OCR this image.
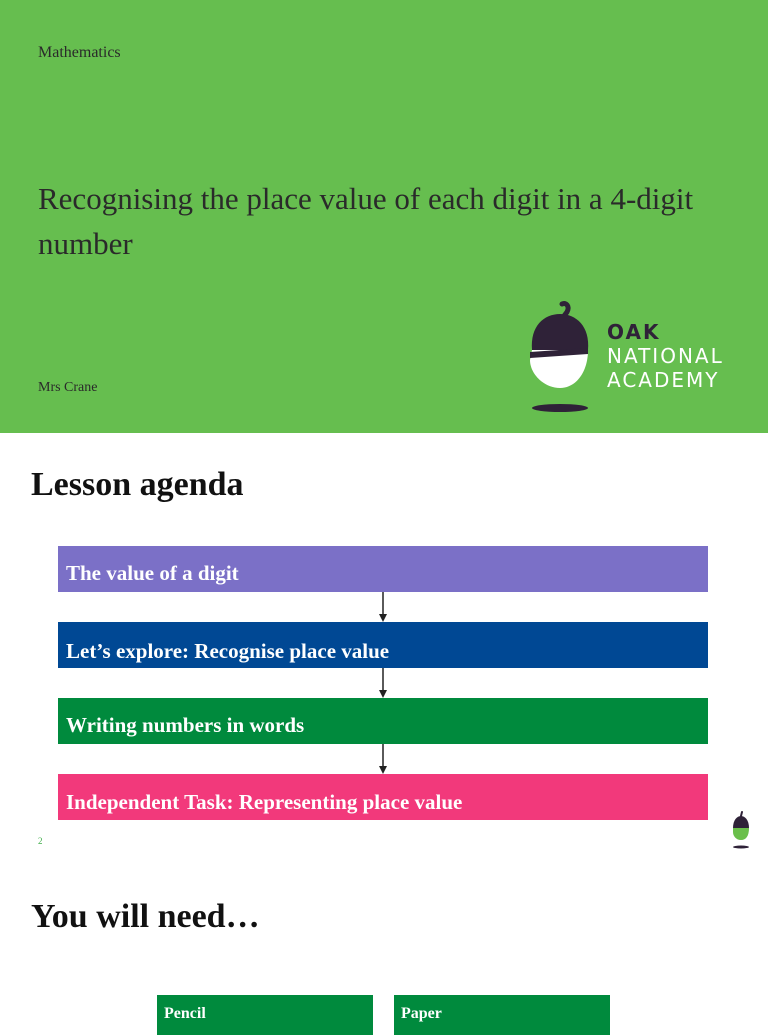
Mathematics
Recognising the place value of each digit in a 4-digit number
Mrs Crane
OAK
NATIONAL
ACADEMY
Lesson agenda
The value of a digit
Let’s explore: Recognise place value
Writing numbers in words
Independent Task: Representing place value
2
You will need…
Pencil	Paper
